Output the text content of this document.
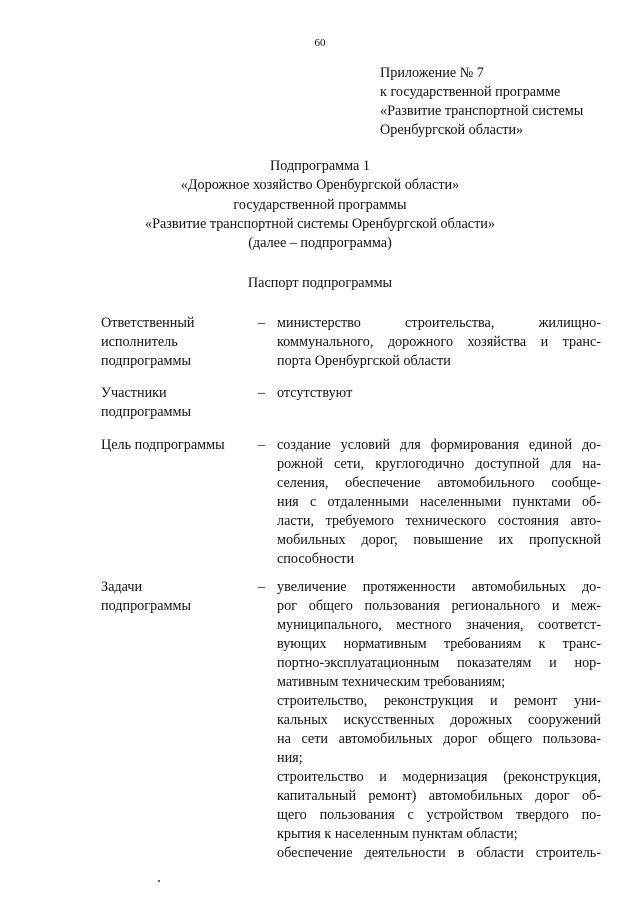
60
Приложение № 7
к государственной программе
«Развитие транспортной системы
Оренбургской области»
Подпрограмма 1
«Дорожное хозяйство Оренбургской области»
государственной программы
«Развитие транспортной системы Оренбургской области»
(далее – подпрограмма)
Паспорт подпрограммы
Ответственный
исполнитель
подпрограммы
– министерство строительства, жилищно-
коммунального, дорожного хозяйства и транс-
порта Оренбургской области
Участники
подпрограммы
– отсутствуют
Цель подпрограммы	– создание условий для формирования единой до-
рожной сети, круглогодично доступной для на-
селения, обеспечение автомобильного сообще-
ния с отдаленными населенными пунктами об-
ласти, требуемого технического состояния авто-
мобильных дорог, повышение их пропускной
способности
Задачи
подпрограммы
– увеличение протяженности автомобильных до-
рог общего пользования регионального и меж-
муниципального, местного значения, соответст-
вующих нормативным требованиям к транс-
портно-эксплуатационным показателям и нор-
мативным техническим требованиям;
строительство, реконструкция и ремонт уни-
кальных искусственных дорожных сооружений
на сети автомобильных дорог общего пользова-
ния;
строительство и модернизация (реконструкция,
капитальный ремонт) автомобильных дорог об-
щего пользования с устройством твердого по-
крытия к населенным пунктам области;
обеспечение деятельности в области строитель-
